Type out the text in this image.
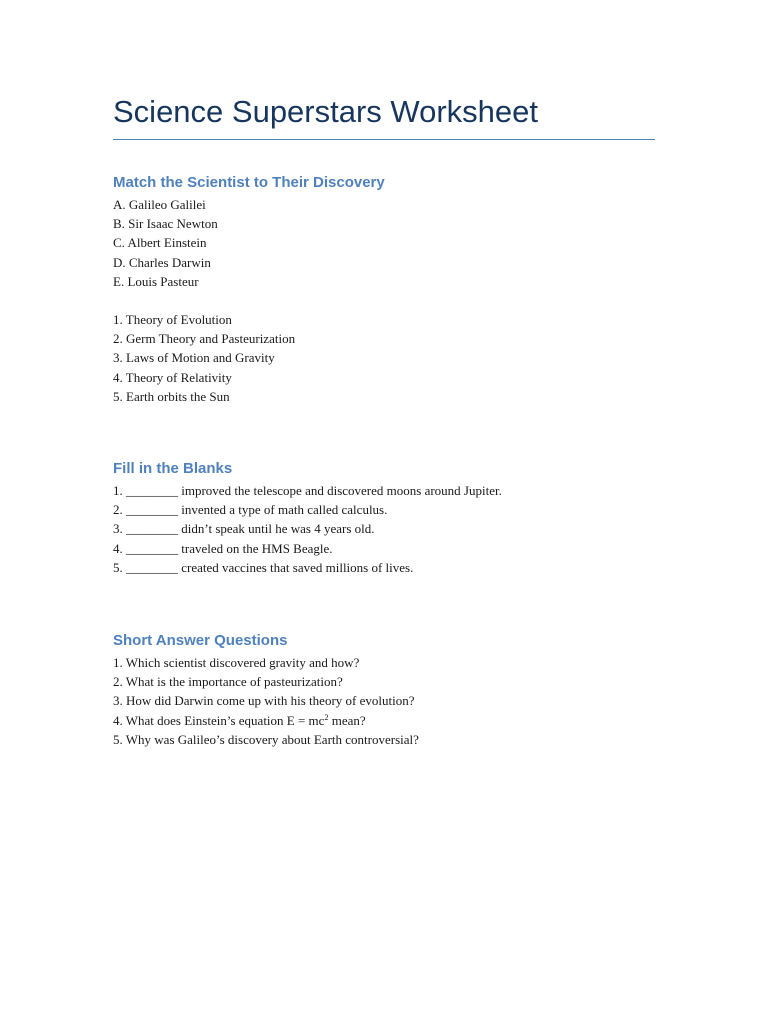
Science Superstars Worksheet
Match the Scientist to Their Discovery
A. Galileo Galilei
B. Sir Isaac Newton
C. Albert Einstein
D. Charles Darwin
E. Louis Pasteur
1. Theory of Evolution
2. Germ Theory and Pasteurization
3. Laws of Motion and Gravity
4. Theory of Relativity
5. Earth orbits the Sun
Fill in the Blanks
1. ________ improved the telescope and discovered moons around Jupiter.
2. ________ invented a type of math called calculus.
3. ________ didn’t speak until he was 4 years old.
4. ________ traveled on the HMS Beagle.
5. ________ created vaccines that saved millions of lives.
Short Answer Questions
1. Which scientist discovered gravity and how?
2. What is the importance of pasteurization?
3. How did Darwin come up with his theory of evolution?
4. What does Einstein’s equation $E = mc^2$ mean?
5. Why was Galileo’s discovery about Earth controversial?
